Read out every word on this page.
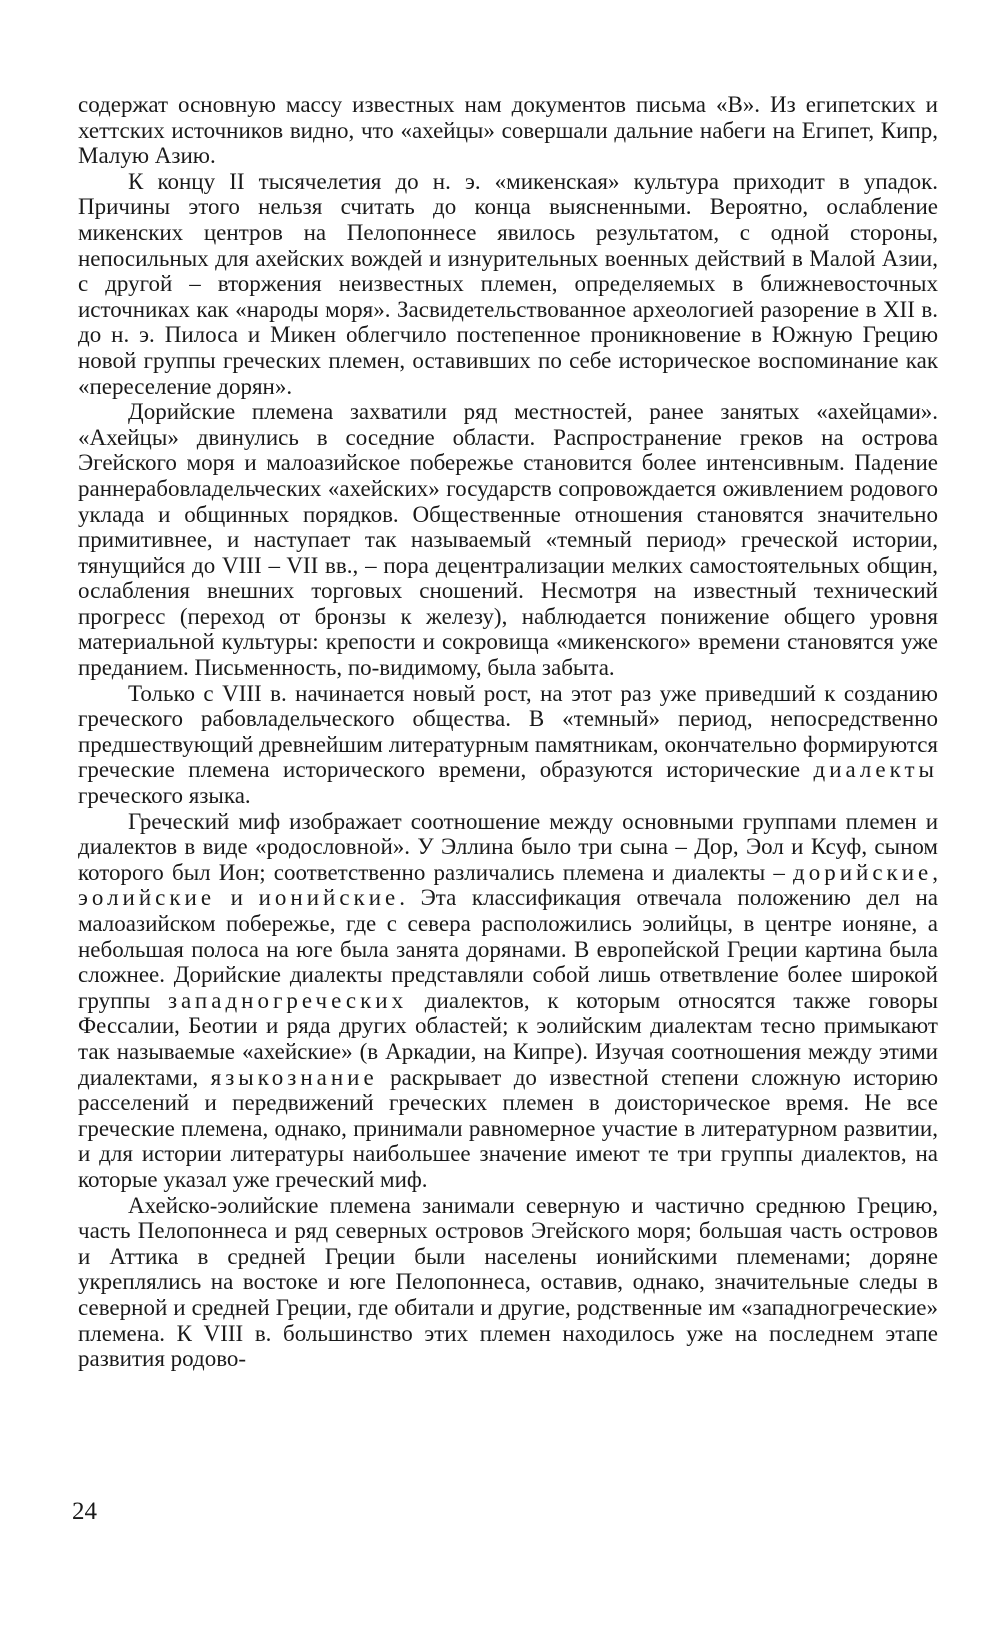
содержат основную массу известных нам документов письма «В». Из египетских и хеттских источников видно, что «ахейцы» совершали дальние набеги на Египет, Кипр, Малую Азию.

К концу II тысячелетия до н. э. «микенская» культура приходит в упадок. Причины этого нельзя считать до конца выясненными. Вероятно, ослабление микенских центров на Пелопоннесе явилось результатом, с одной стороны, непосильных для ахейских вождей и изнурительных военных действий в Малой Азии, с другой – вторжения неизвестных племен, определяемых в ближневосточных источниках как «народы моря». Засвидетельствованное археологией разорение в XII в. до н. э. Пилоса и Микен облегчило постепенное проникновение в Южную Грецию новой группы греческих племен, оставивших по себе историческое воспоминание как «переселение дорян».

Дорийские племена захватили ряд местностей, ранее занятых «ахейцами». «Ахейцы» двинулись в соседние области. Распространение греков на острова Эгейского моря и малоазийское побережье становится более интенсивным. Падение раннерабовладельческих «ахейских» государств сопровождается оживлением родового уклада и общинных порядков. Общественные отношения становятся значительно примитивнее, и наступает так называемый «темный период» греческой истории, тянущийся до VIII – VII вв., – пора децентрализации мелких самостоятельных общин, ослабления внешних торговых сношений. Несмотря на известный технический прогресс (переход от бронзы к железу), наблюдается понижение общего уровня материальной культуры: крепости и сокровища «микенского» времени становятся уже преданием. Письменность, по-видимому, была забыта.

Только с VIII в. начинается новый рост, на этот раз уже приведший к созданию греческого рабовладельческого общества. В «темный» период, непосредственно предшествующий древнейшим литературным памятникам, окончательно формируются греческие племена исторического времени, образуются исторические диалекты греческого языка.

Греческий миф изображает соотношение между основными группами племен и диалектов в виде «родословной». У Эллина было три сына – Дор, Эол и Ксуф, сыном которого был Ион; соответственно различались племена и диалекты – дорийские, эолийские и ионийские. Эта классификация отвечала положению дел на малоазийском побережье, где с севера расположились эолийцы, в центре ионяне, а небольшая полоса на юге была занята дорянами. В европейской Греции картина была сложнее. Дорийские диалекты представляли собой лишь ответвление более широкой группы западногреческих диалектов, к которым относятся также говоры Фессалии, Беотии и ряда других областей; к эолийским диалектам тесно примыкают так называемые «ахейские» (в Аркадии, на Кипре). Изучая соотношения между этими диалектами, языкознание раскрывает до известной степени сложную историю расселений и передвижений греческих племен в доисторическое время. Не все греческие племена, однако, принимали равномерное участие в литературном развитии, и для истории литературы наибольшее значение имеют те три группы диалектов, на которые указал уже греческий миф.

Ахейско-эолийские племена занимали северную и частично среднюю Грецию, часть Пелопоннеса и ряд северных островов Эгейского моря; большая часть островов и Аттика в средней Греции были населены ионийскими племенами; доряне укреплялись на востоке и юге Пелопоннеса, оставив, однако, значительные следы в северной и средней Греции, где обитали и другие, родственные им «западногреческие» племена. К VIII в. большинство этих племен находилось уже на последнем этапе развития родово-

24
